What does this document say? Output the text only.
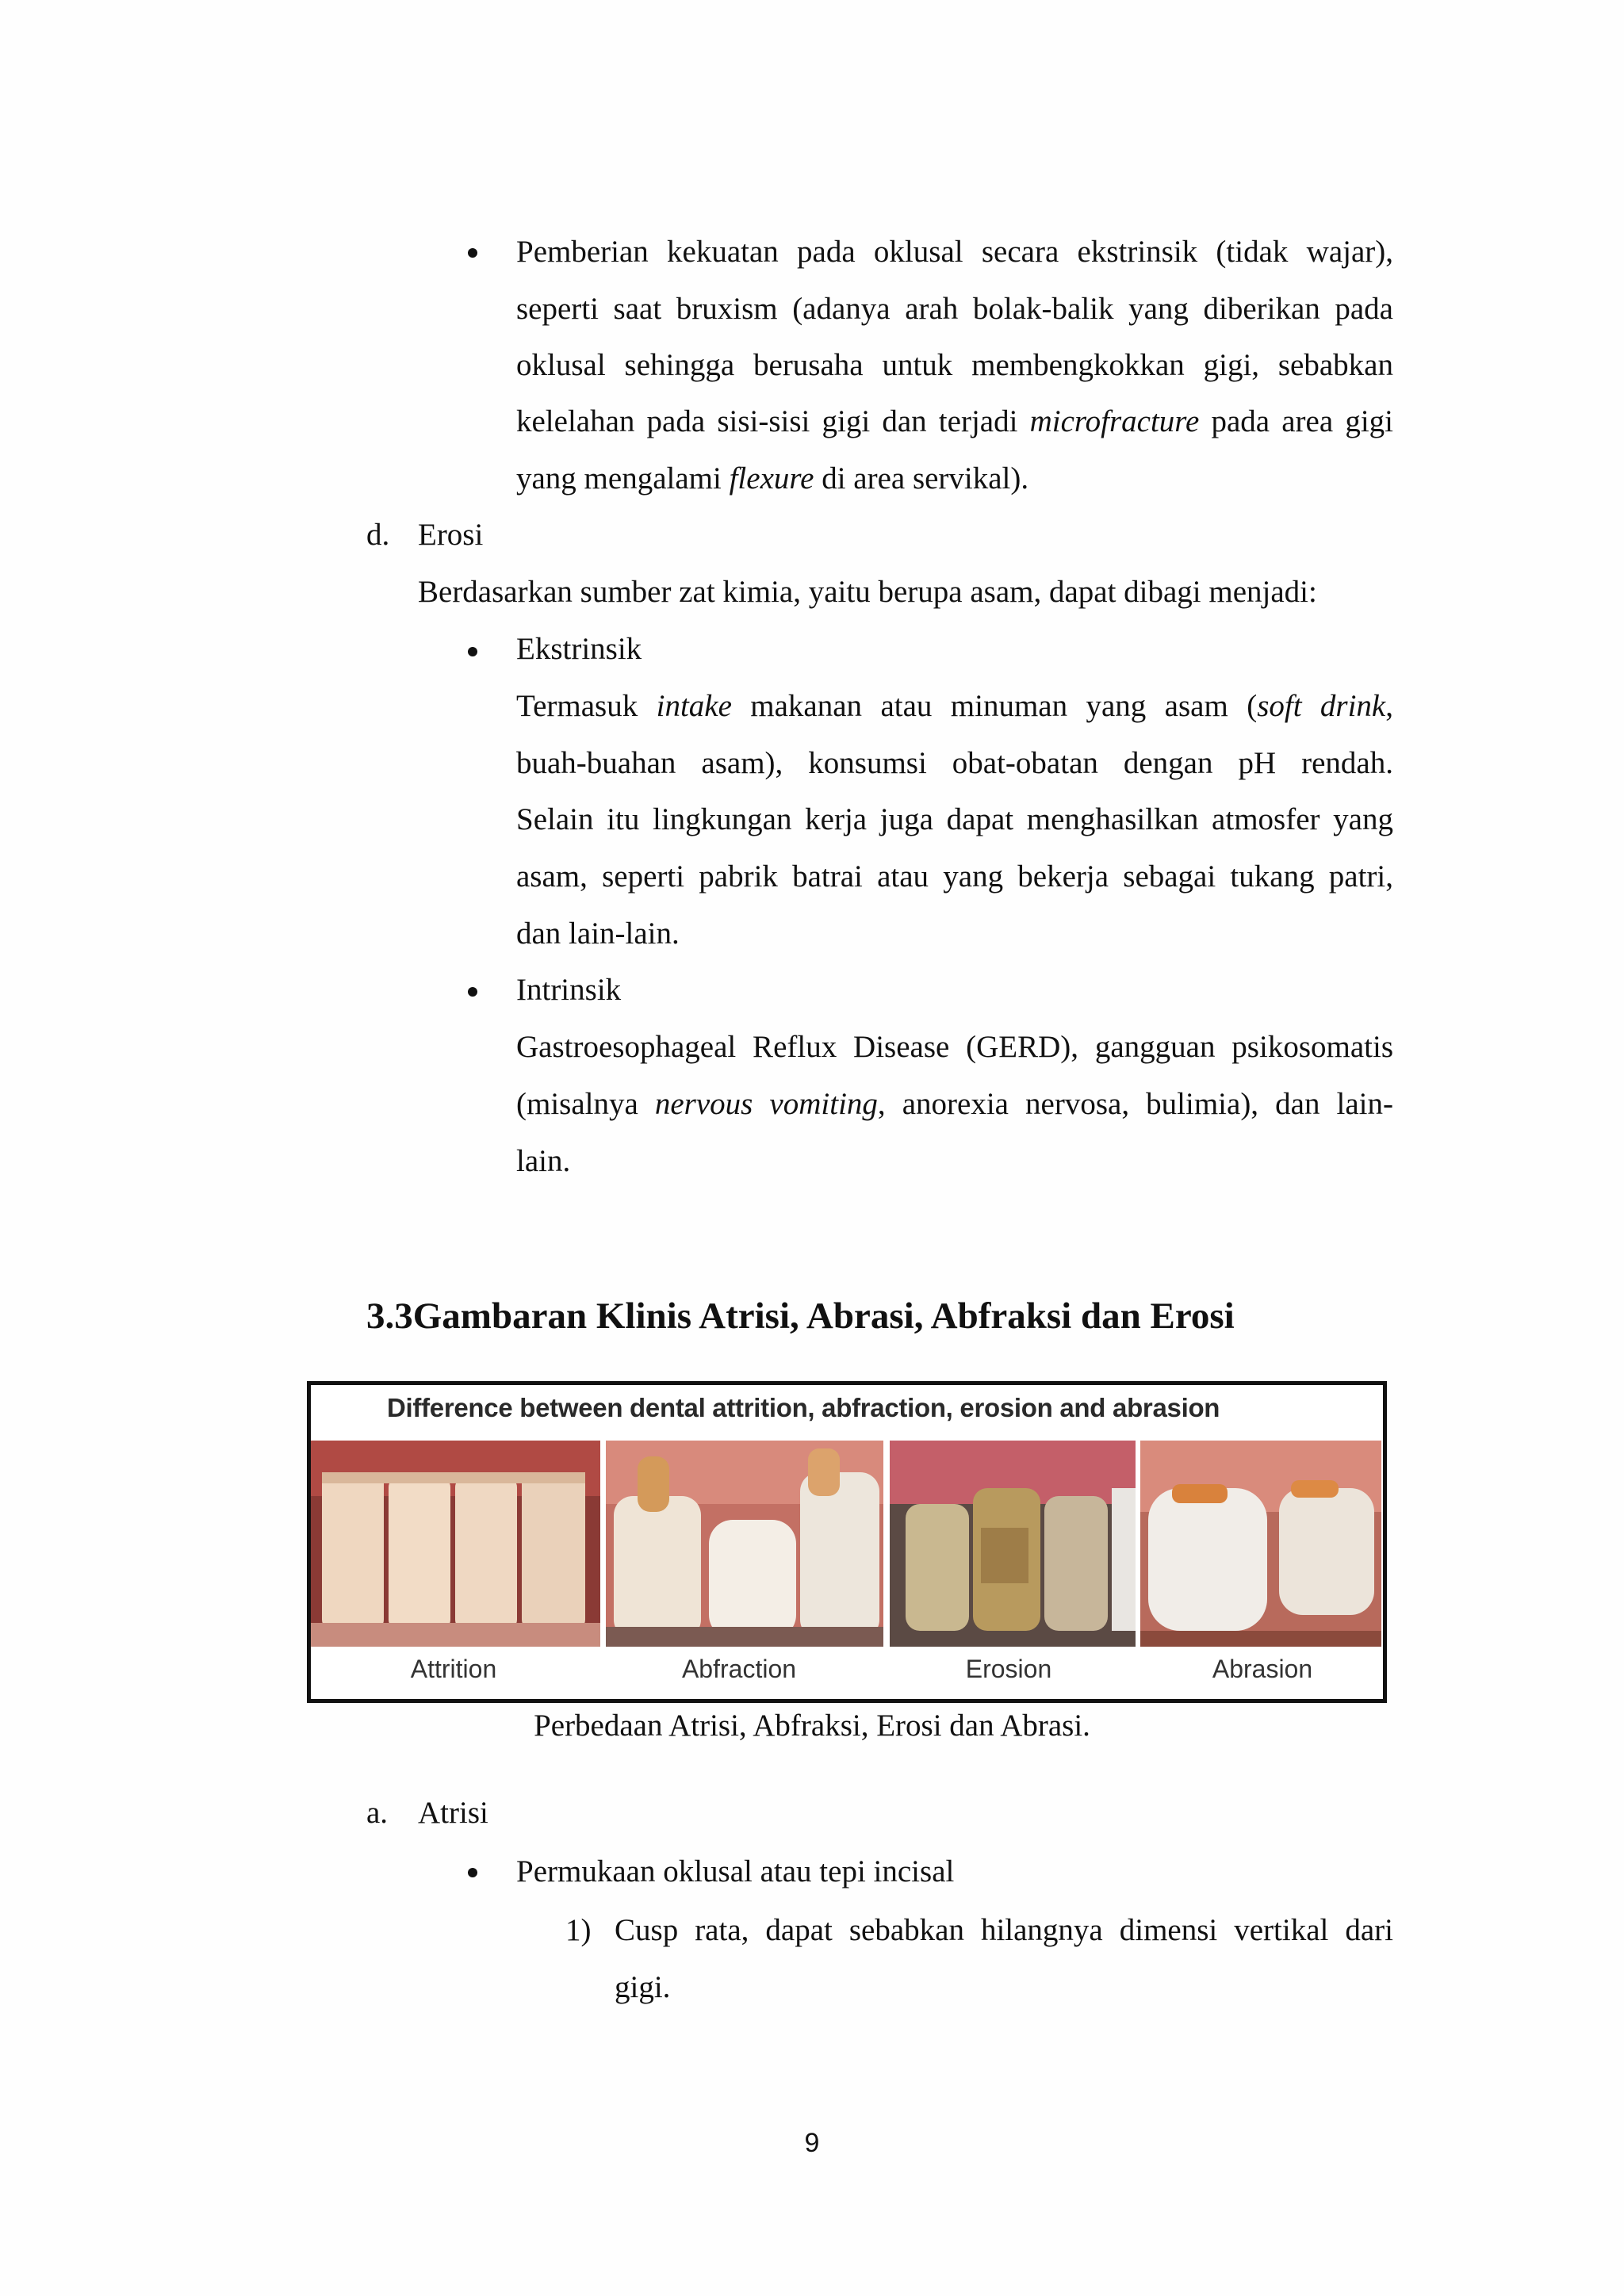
Pemberian kekuatan pada oklusal secara ekstrinsik (tidak wajar),
seperti saat bruxism (adanya arah bolak-balik yang diberikan pada
oklusal sehingga berusaha untuk membengkokkan gigi, sebabkan
kelelahan pada sisi-sisi gigi dan terjadi microfracture pada area gigi
yang mengalami flexure di area servikal).
d. Erosi
Berdasarkan sumber zat kimia, yaitu berupa asam, dapat dibagi menjadi:
Ekstrinsik
Termasuk intake makanan atau minuman yang asam (soft drink,
buah-buahan asam), konsumsi obat-obatan dengan pH rendah.
Selain itu lingkungan kerja juga dapat menghasilkan atmosfer yang
asam, seperti pabrik batrai atau yang bekerja sebagai tukang patri,
dan lain-lain.
Intrinsik
Gastroesophageal Reflux Disease (GERD), gangguan psikosomatis
(misalnya nervous vomiting, anorexia nervosa, bulimia), dan lain-
lain.
3.3Gambaran Klinis Atrisi, Abrasi, Abfraksi dan Erosi
Difference between dental attrition, abfraction, erosion and abrasion
Attrition	Abfraction	Erosion	Abrasion
Perbedaan Atrisi, Abfraksi, Erosi dan Abrasi.
a. Atrisi
Permukaan oklusal atau tepi incisal
1) Cusp rata, dapat sebabkan hilangnya dimensi vertikal dari
gigi.
9
